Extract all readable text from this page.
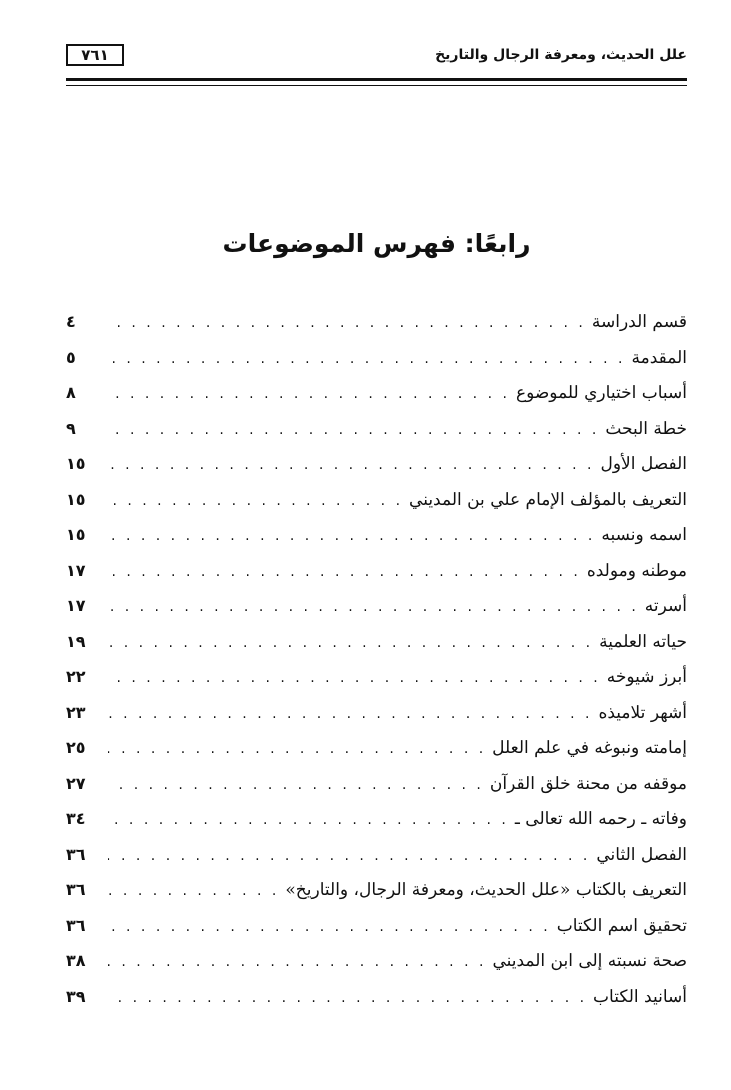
٧٦١	علل الحديث، ومعرفة الرجال والتاريخ
رابعًا: فهرس الموضوعات
قسم الدراسة
. . .
٤
المقدمة
. . .
٥
أسباب اختياري للموضوع
. . .
٨
خطة البحث
. . .
٩
الفصل الأول
. . .
١٥
التعريف بالمؤلف الإمام علي بن المديني
. . .
١٥
اسمه ونسبه
. . .
١٥
موطنه ومولده
. . .
١٧
أسرته
. . .
١٧
حياته العلمية
. . .
١٩
أبرز شيوخه
. . .
٢٢
أشهر تلاميذه
. . .
٢٣
إمامته ونبوغه في علم العلل
. . .
٢٥
موقفه من محنة خلق القرآن
. . .
٢٧
وفاته ـ رحمه الله تعالى ـ
. . .
٣٤
الفصل الثاني
. . .
٣٦
التعريف بالكتاب «علل الحديث، ومعرفة الرجال، والتاريخ»
. . .
٣٦
تحقيق اسم الكتاب
. . .
٣٦
صحة نسبته إلى ابن المديني
. . .
٣٨
أسانيد الكتاب
. . .
٣٩
